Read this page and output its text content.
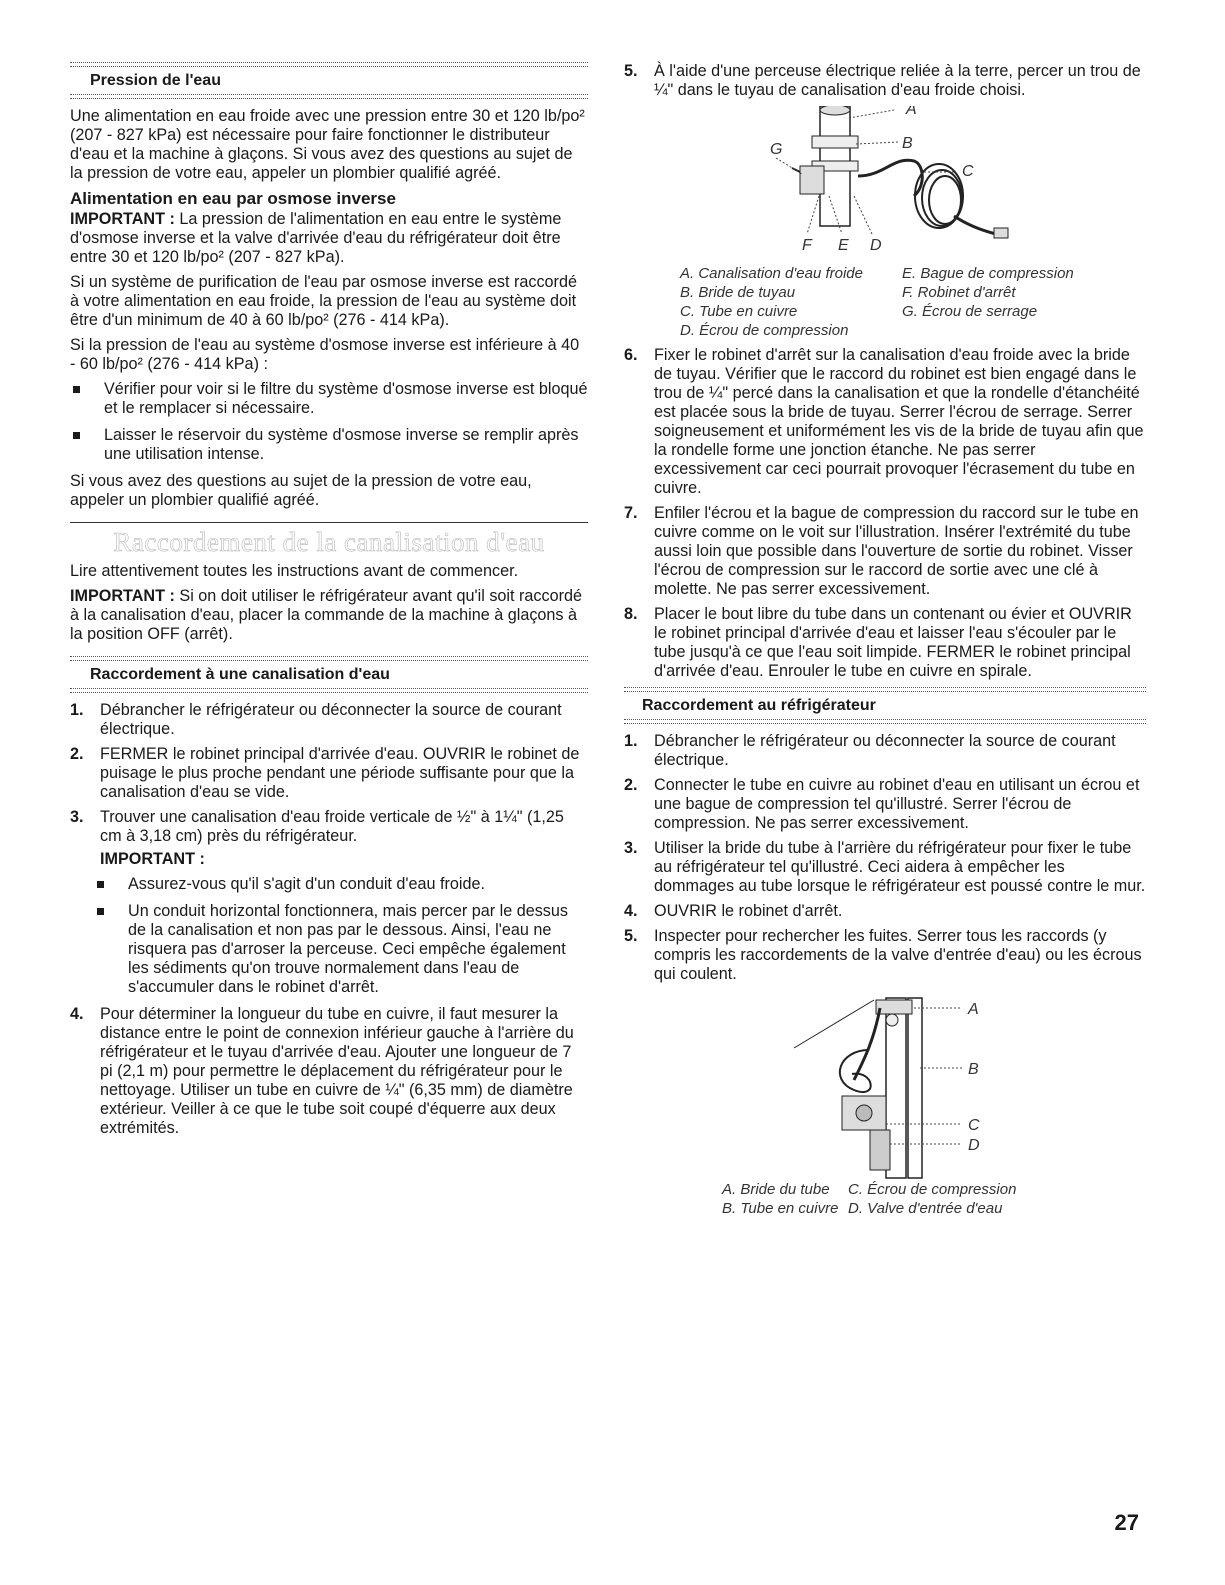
Pression de l'eau

Une alimentation en eau froide avec une pression entre 30 et 120 lb/po² (207 - 827 kPa) est nécessaire pour faire fonctionner le distributeur d'eau et la machine à glaçons. Si vous avez des questions au sujet de la pression de votre eau, appeler un plombier qualifié agréé.

Alimentation en eau par osmose inverse

IMPORTANT : La pression de l'alimentation en eau entre le système d'osmose inverse et la valve d'arrivée d'eau du réfrigérateur doit être entre 30 et 120 lb/po² (207 - 827 kPa).

Si un système de purification de l'eau par osmose inverse est raccordé à votre alimentation en eau froide, la pression de l'eau au système doit être d'un minimum de 40 à 60 lb/po² (276 - 414 kPa).

Si la pression de l'eau au système d'osmose inverse est inférieure à 40 - 60 lb/po² (276 - 414 kPa) :

Vérifier pour voir si le filtre du système d'osmose inverse est bloqué et le remplacer si nécessaire.
Laisser le réservoir du système d'osmose inverse se remplir après une utilisation intense.

Si vous avez des questions au sujet de la pression de votre eau, appeler un plombier qualifié agréé.

Raccordement de la canalisation d'eau

Lire attentivement toutes les instructions avant de commencer.

IMPORTANT : Si on doit utiliser le réfrigérateur avant qu'il soit raccordé à la canalisation d'eau, placer la commande de la machine à glaçons à la position OFF (arrêt).

Raccordement à une canalisation d'eau
1. Débrancher le réfrigérateur ou déconnecter la source de courant électrique.
2. FERMER le robinet principal d'arrivée d'eau. OUVRIR le robinet de puisage le plus proche pendant une période suffisante pour que la canalisation d'eau se vide.
3. Trouver une canalisation d'eau froide verticale de ½" à 1¼" (1,25 cm à 3,18 cm) près du réfrigérateur.
IMPORTANT :
Assurez-vous qu'il s'agit d'un conduit d'eau froide.
Un conduit horizontal fonctionnera, mais percer par le dessus de la canalisation et non pas par le dessous. Ainsi, l'eau ne risquera pas d'arroser la perceuse. Ceci empêche également les sédiments qu'on trouve normalement dans l'eau de s'accumuler dans le robinet d'arrêt.
4. Pour déterminer la longueur du tube en cuivre, il faut mesurer la distance entre le point de connexion inférieur gauche à l'arrière du réfrigérateur et le tuyau d'arrivée d'eau. Ajouter une longueur de 7 pi (2,1 m) pour permettre le déplacement du réfrigérateur pour le nettoyage. Utiliser un tube en cuivre de ¼" (6,35 mm) de diamètre extérieur. Veiller à ce que le tube soit coupé d'équerre aux deux extrémités.
5. À l'aide d'une perceuse électrique reliée à la terre, percer un trou de ¼" dans le tuyau de canalisation d'eau froide choisi.
A
B
C
G
F E D
A. Canalisation d'eau froide	E. Bague de compression
B. Bride de tuyau	F. Robinet d'arrêt
C. Tube en cuivre	G. Écrou de serrage
D. Écrou de compression
6. Fixer le robinet d'arrêt sur la canalisation d'eau froide avec la bride de tuyau. Vérifier que le raccord du robinet est bien engagé dans le trou de ¼" percé dans la canalisation et que la rondelle d'étanchéité est placée sous la bride de tuyau. Serrer l'écrou de serrage. Serrer soigneusement et uniformément les vis de la bride de tuyau afin que la rondelle forme une jonction étanche. Ne pas serrer excessivement car ceci pourrait provoquer l'écrasement du tube en cuivre.
7. Enfiler l'écrou et la bague de compression du raccord sur le tube en cuivre comme on le voit sur l'illustration. Insérer l'extrémité du tube aussi loin que possible dans l'ouverture de sortie du robinet. Visser l'écrou de compression sur le raccord de sortie avec une clé à molette. Ne pas serrer excessivement.
8. Placer le bout libre du tube dans un contenant ou évier et OUVRIR le robinet principal d'arrivée d'eau et laisser l'eau s'écouler par le tube jusqu'à ce que l'eau soit limpide. FERMER le robinet principal d'arrivée d'eau. Enrouler le tube en cuivre en spirale.
Raccordement au réfrigérateur
1. Débrancher le réfrigérateur ou déconnecter la source de courant électrique.
2. Connecter le tube en cuivre au robinet d'eau en utilisant un écrou et une bague de compression tel qu'illustré. Serrer l'écrou de compression. Ne pas serrer excessivement.
3. Utiliser la bride du tube à l'arrière du réfrigérateur pour fixer le tube au réfrigérateur tel qu'illustré. Ceci aidera à empêcher les dommages au tube lorsque le réfrigérateur est poussé contre le mur.
4. OUVRIR le robinet d'arrêt.
5. Inspecter pour rechercher les fuites. Serrer tous les raccords (y compris les raccordements de la valve d'entrée d'eau) ou les écrous qui coulent.
A
B
C
D
A. Bride du tube	C. Écrou de compression
B. Tube en cuivre D. Valve d'entrée d'eau
27
